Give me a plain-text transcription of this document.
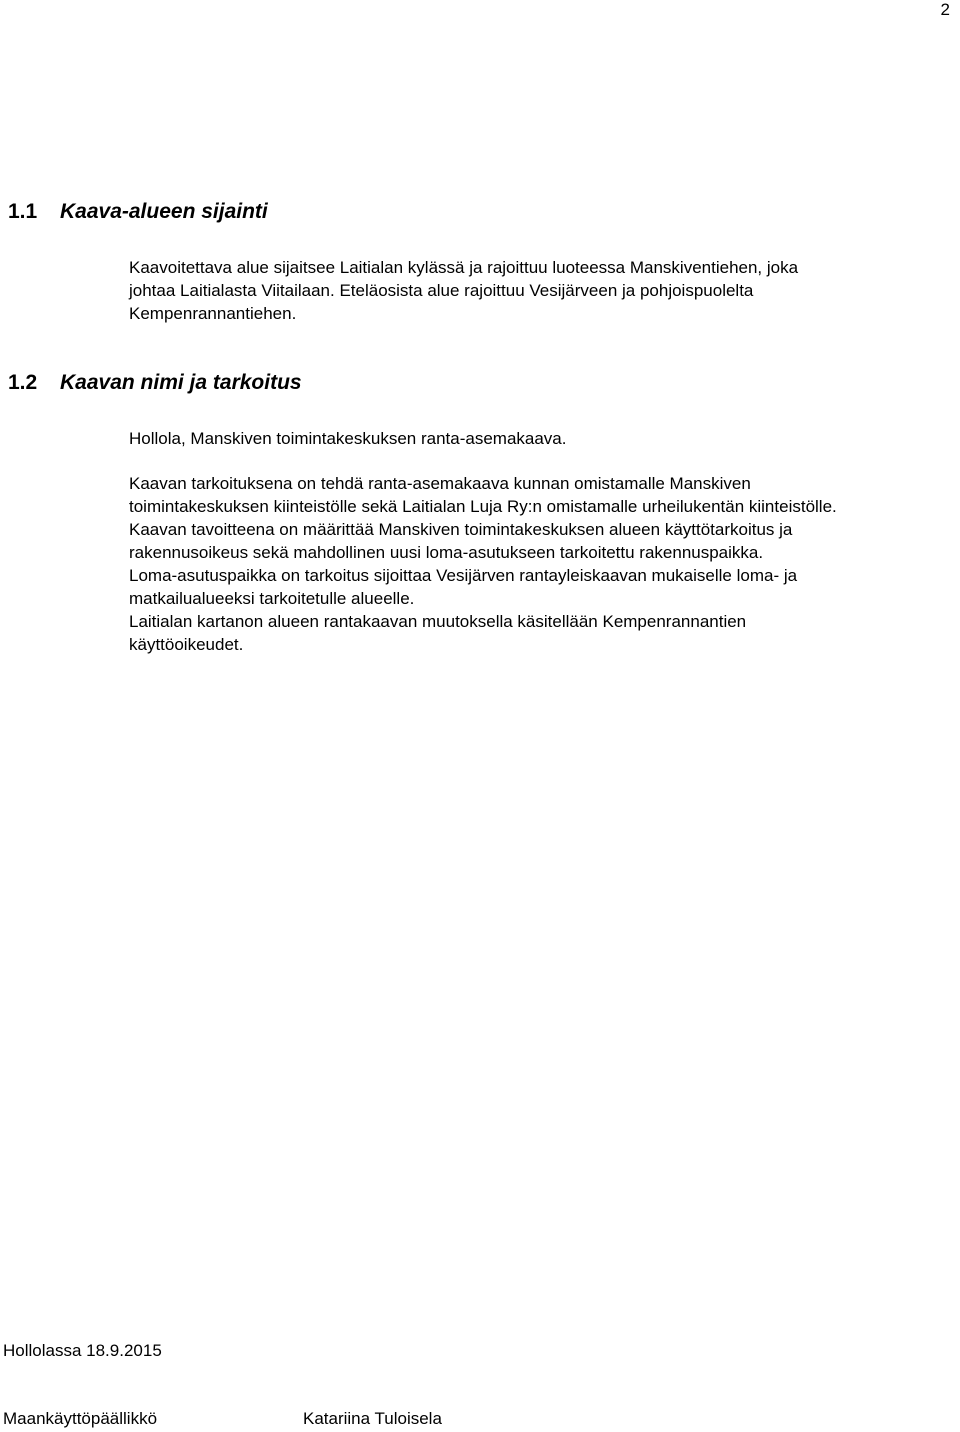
2
1.1 Kaava-alueen sijainti
Kaavoitettava alue sijaitsee Laitialan kylässä ja rajoittuu luoteessa Manskiventiehen, joka
johtaa Laitialasta Viitailaan. Eteläosista alue rajoittuu Vesijärveen ja pohjoispuolelta
Kempenrannantiehen.
1.2 Kaavan nimi ja tarkoitus
Hollola, Manskiven toimintakeskuksen ranta-asemakaava.
Kaavan tarkoituksena on tehdä ranta-asemakaava kunnan omistamalle Manskiven
toimintakeskuksen kiinteistölle sekä Laitialan Luja Ry:n omistamalle urheilukentän kiinteistölle.
Kaavan tavoitteena on määrittää Manskiven toimintakeskuksen alueen käyttötarkoitus ja
rakennusoikeus sekä mahdollinen uusi loma-asutukseen tarkoitettu rakennuspaikka.
Loma-asutuspaikka on tarkoitus sijoittaa Vesijärven rantayleiskaavan mukaiselle loma- ja
matkailualueeksi tarkoitetulle alueelle.
Laitialan kartanon alueen rantakaavan muutoksella käsitellään Kempenrannantien
käyttöoikeudet.
Hollolassa 18.9.2015
Maankäyttöpäällikkö	Katariina Tuloisela
